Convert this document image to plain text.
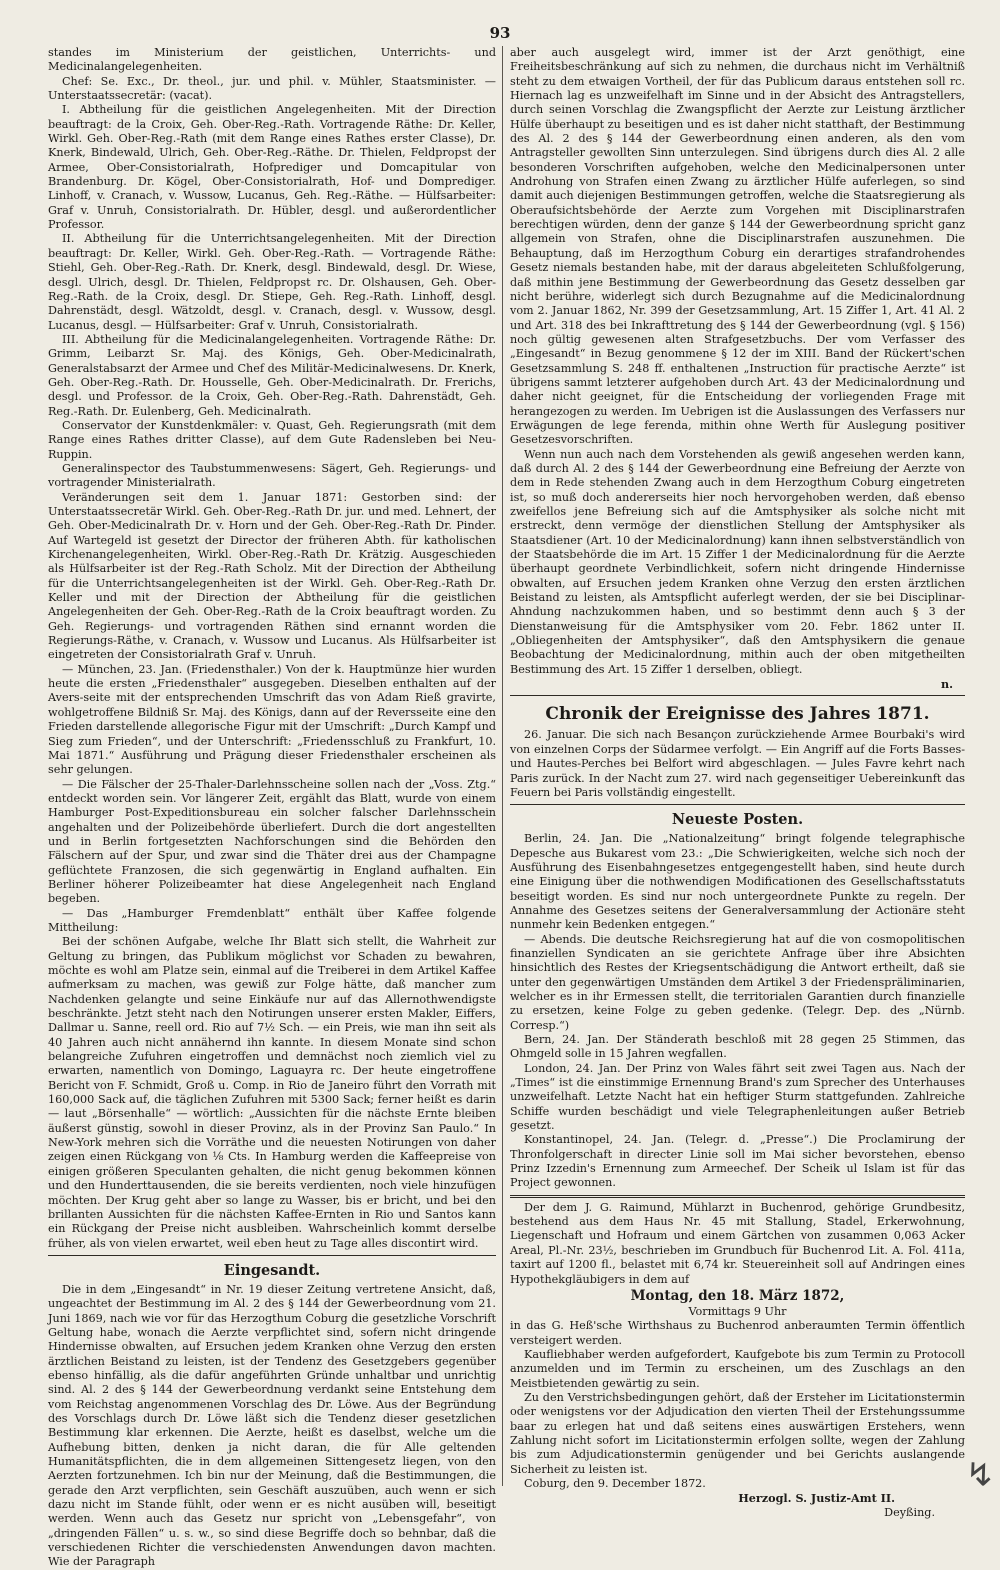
93

standes im Ministerium der geistlichen, Unterrichts- und Medicinalangelegenheiten.

Chef: Se. Exc., Dr. theol., jur. und phil. v. Mühler, Staatsminister. — Unterstaatssecretär: (vacat).

I. Abtheilung für die geistlichen Angelegenheiten. Mit der Direction beauftragt: de la Croix, Geh. Ober-Reg.-Rath. Vortragende Räthe: Dr. Keller, Wirkl. Geh. Ober-Reg.-Rath (mit dem Range eines Rathes erster Classe), Dr. Knerk, Bindewald, Ulrich, Geh. Ober-Reg.-Räthe. Dr. Thielen, Feldpropst der Armee, Ober-Consistorialrath, Hofprediger und Domcapitular von Brandenburg. Dr. Kögel, Ober-Consistorialrath, Hof- und Domprediger. Linhoff, v. Cranach, v. Wussow, Lucanus, Geh. Reg.-Räthe. — Hülfsarbeiter: Graf v. Unruh, Consistorialrath. Dr. Hübler, desgl. und außerordentlicher Professor.

II. Abtheilung für die Unterrichtsangelegenheiten. Mit der Direction beauftragt: Dr. Keller, Wirkl. Geh. Ober-Reg.-Rath. — Vortragende Räthe: Stiehl, Geh. Ober-Reg.-Rath. Dr. Knerk, desgl. Bindewald, desgl. Dr. Wiese, desgl. Ulrich, desgl. Dr. Thielen, Feldpropst rc. Dr. Olshausen, Geh. Ober-Reg.-Rath. de la Croix, desgl. Dr. Stiepe, Geh. Reg.-Rath. Linhoff, desgl. Dahrenstädt, desgl. Wätzoldt, desgl. v. Cranach, desgl. v. Wussow, desgl. Lucanus, desgl. — Hülfsarbeiter: Graf v. Unruh, Consistorialrath.

III. Abtheilung für die Medicinalangelegenheiten. Vortragende Räthe: Dr. Grimm, Leibarzt Sr. Maj. des Königs, Geh. Ober-Medicinalrath, Generalstabsarzt der Armee und Chef des Militär-Medicinalwesens. Dr. Knerk, Geh. Ober-Reg.-Rath. Dr. Housselle, Geh. Ober-Medicinalrath. Dr. Frerichs, desgl. und Professor. de la Croix, Geh. Ober-Reg.-Rath. Dahrenstädt, Geh. Reg.-Rath. Dr. Eulenberg, Geh. Medicinalrath.

Conservator der Kunstdenkmäler: v. Quast, Geh. Regierungsrath (mit dem Range eines Rathes dritter Classe), auf dem Gute Radensleben bei Neu-Ruppin.

Generalinspector des Taubstummenwesens: Sägert, Geh. Regierungs- und vortragender Ministerialrath.

Veränderungen seit dem 1. Januar 1871: Gestorben sind: der Unterstaatssecretär Wirkl. Geh. Ober-Reg.-Rath Dr. jur. und med. Lehnert, der Geh. Ober-Medicinalrath Dr. v. Horn und der Geh. Ober-Reg.-Rath Dr. Pinder. Auf Wartegeld ist gesetzt der Director der früheren Abth. für katholischen Kirchenangelegenheiten, Wirkl. Ober-Reg.-Rath Dr. Krätzig. Ausgeschieden als Hülfsarbeiter ist der Reg.-Rath Scholz. Mit der Direction der Abtheilung für die Unterrichtsangelegenheiten ist der Wirkl. Geh. Ober-Reg.-Rath Dr. Keller und mit der Direction der Abtheilung für die geistlichen Angelegenheiten der Geh. Ober-Reg.-Rath de la Croix beauftragt worden. Zu Geh. Regierungs- und vortragenden Räthen sind ernannt worden die Regierungs-Räthe, v. Cranach, v. Wussow und Lucanus. Als Hülfsarbeiter ist eingetreten der Consistorialrath Graf v. Unruh.

— München, 23. Jan. (Friedensthaler.) Von der k. Hauptmünze hier wurden heute die ersten „Friedensthaler“ ausgegeben. Dieselben enthalten auf der Avers-seite mit der entsprechenden Umschrift das von Adam Rieß gravirte, wohlgetroffene Bildniß Sr. Maj. des Königs, dann auf der Reversseite eine den Frieden darstellende allegorische Figur mit der Umschrift: „Durch Kampf und Sieg zum Frieden“, und der Unterschrift: „Friedensschluß zu Frankfurt, 10. Mai 1871.“ Ausführung und Prägung dieser Friedensthaler erscheinen als sehr gelungen.

— Die Fälscher der 25-Thaler-Darlehnsscheine sollen nach der „Voss. Ztg.“ entdeckt worden sein. Vor längerer Zeit, ergählt das Blatt, wurde von einem Hamburger Post-Expeditionsbureau ein solcher falscher Darlehnsschein angehalten und der Polizeibehörde überliefert. Durch die dort angestellten und in Berlin fortgesetzten Nachforschungen sind die Behörden den Fälschern auf der Spur, und zwar sind die Thäter drei aus der Champagne geflüchtete Franzosen, die sich gegenwärtig in England aufhalten. Ein Berliner höherer Polizeibeamter hat diese Angelegenheit nach England begeben.

— Das „Hamburger Fremdenblatt“ enthält über Kaffee folgende Mittheilung:

Bei der schönen Aufgabe, welche Ihr Blatt sich stellt, die Wahrheit zur Geltung zu bringen, das Publikum möglichst vor Schaden zu bewahren, möchte es wohl am Platze sein, einmal auf die Treiberei in dem Artikel Kaffee aufmerksam zu machen, was gewiß zur Folge hätte, daß mancher zum Nachdenken gelangte und seine Einkäufe nur auf das Allernothwendigste beschränkte. Jetzt steht nach den Notirungen unserer ersten Makler, Eiffers, Dallmar u. Sanne, reell ord. Rio auf 7½ Sch. — ein Preis, wie man ihn seit als 40 Jahren auch nicht annähernd ihn kannte. In diesem Monate sind schon belangreiche Zufuhren eingetroffen und demnächst noch ziemlich viel zu erwarten, namentlich von Domingo, Laguayra rc. Der heute eingetroffene Bericht von F. Schmidt, Groß u. Comp. in Rio de Janeiro führt den Vorrath mit 160,000 Sack auf, die täglichen Zufuhren mit 5300 Sack; ferner heißt es darin — laut „Börsenhalle“ — wörtlich: „Aussichten für die nächste Ernte bleiben äußerst günstig, sowohl in dieser Provinz, als in der Provinz San Paulo.“ In New-York mehren sich die Vorräthe und die neuesten Notirungen von daher zeigen einen Rückgang von ⅛ Cts. In Hamburg werden die Kaffeepreise von einigen größeren Speculanten gehalten, die nicht genug bekommen können und den Hunderttausenden, die sie bereits verdienten, noch viele hinzufügen möchten. Der Krug geht aber so lange zu Wasser, bis er bricht, und bei den brillanten Aussichten für die nächsten Kaffee-Ernten in Rio und Santos kann ein Rückgang der Preise nicht ausbleiben. Wahrscheinlich kommt derselbe früher, als von vielen erwartet, weil eben heut zu Tage alles discontirt wird.

Eingesandt.

Die in dem „Eingesandt“ in Nr. 19 dieser Zeitung vertretene Ansicht, daß, ungeachtet der Bestimmung im Al. 2 des § 144 der Gewerbeordnung vom 21. Juni 1869, nach wie vor für das Herzogthum Coburg die gesetzliche Vorschrift Geltung habe, wonach die Aerzte verpflichtet sind, sofern nicht dringende Hindernisse obwalten, auf Ersuchen jedem Kranken ohne Verzug den ersten ärztlichen Beistand zu leisten, ist der Tendenz des Gesetzgebers gegenüber ebenso hinfällig, als die dafür angeführten Gründe unhaltbar und unrichtig sind. Al. 2 des § 144 der Gewerbeordnung verdankt seine Entstehung dem vom Reichstag angenommenen Vorschlag des Dr. Löwe. Aus der Begründung des Vorschlags durch Dr. Löwe läßt sich die Tendenz dieser gesetzlichen Bestimmung klar erkennen. Die Aerzte, heißt es daselbst, welche um die Aufhebung bitten, denken ja nicht daran, die für Alle geltenden Humanitätspflichten, die in dem allgemeinen Sittengesetz liegen, von den Aerzten fortzunehmen. Ich bin nur der Meinung, daß die Bestimmungen, die gerade den Arzt verpflichten, sein Geschäft auszuüben, auch wenn er sich dazu nicht im Stande fühlt, oder wenn er es nicht ausüben will, beseitigt werden. Wenn auch das Gesetz nur spricht von „Lebensgefahr“, von „dringenden Fällen“ u. s. w., so sind diese Begriffe doch so behnbar, daß die verschiedenen Richter die verschiedensten Anwendungen davon machten. Wie der Paragraph

aber auch ausgelegt wird, immer ist der Arzt genöthigt, eine Freiheitsbeschränkung auf sich zu nehmen, die durchaus nicht im Verhältniß steht zu dem etwaigen Vortheil, der für das Publicum daraus entstehen soll rc. Hiernach lag es unzweifelhaft im Sinne und in der Absicht des Antragstellers, durch seinen Vorschlag die Zwangspflicht der Aerzte zur Leistung ärztlicher Hülfe überhaupt zu beseitigen und es ist daher nicht statthaft, der Bestimmung des Al. 2 des § 144 der Gewerbeordnung einen anderen, als den vom Antragsteller gewollten Sinn unterzulegen. Sind übrigens durch dies Al. 2 alle besonderen Vorschriften aufgehoben, welche den Medicinalpersonen unter Androhung von Strafen einen Zwang zu ärztlicher Hülfe auferlegen, so sind damit auch diejenigen Bestimmungen getroffen, welche die Staatsregierung als Oberaufsichtsbehörde der Aerzte zum Vorgehen mit Disciplinarstrafen berechtigen würden, denn der ganze § 144 der Gewerbeordnung spricht ganz allgemein von Strafen, ohne die Disciplinarstrafen auszunehmen. Die Behauptung, daß im Herzogthum Coburg ein derartiges strafandrohendes Gesetz niemals bestanden habe, mit der daraus abgeleiteten Schlußfolgerung, daß mithin jene Bestimmung der Gewerbeordnung das Gesetz desselben gar nicht berühre, widerlegt sich durch Bezugnahme auf die Medicinalordnung vom 2. Januar 1862, Nr. 399 der Gesetzsammlung, Art. 15 Ziffer 1, Art. 41 Al. 2 und Art. 318 des bei Inkrafttretung des § 144 der Gewerbeordnung (vgl. § 156) noch gültig gewesenen alten Strafgesetzbuchs. Der vom Verfasser des „Eingesandt“ in Bezug genommene § 12 der im XIII. Band der Rückert'schen Gesetzsammlung S. 248 ff. enthaltenen „Instruction für practische Aerzte“ ist übrigens sammt letzterer aufgehoben durch Art. 43 der Medicinalordnung und daher nicht geeignet, für die Entscheidung der vorliegenden Frage mit herangezogen zu werden. Im Uebrigen ist die Auslassungen des Verfassers nur Erwägungen de lege ferenda, mithin ohne Werth für Auslegung positiver Gesetzesvorschriften.

Wenn nun auch nach dem Vorstehenden als gewiß angesehen werden kann, daß durch Al. 2 des § 144 der Gewerbeordnung eine Befreiung der Aerzte von dem in Rede stehenden Zwang auch in dem Herzogthum Coburg eingetreten ist, so muß doch andererseits hier noch hervorgehoben werden, daß ebenso zweifellos jene Befreiung sich auf die Amtsphysiker als solche nicht mit erstreckt, denn vermöge der dienstlichen Stellung der Amtsphysiker als Staatsdiener (Art. 10 der Medicinalordnung) kann ihnen selbstverständlich von der Staatsbehörde die im Art. 15 Ziffer 1 der Medicinalordnung für die Aerzte überhaupt geordnete Verbindlichkeit, sofern nicht dringende Hindernisse obwalten, auf Ersuchen jedem Kranken ohne Verzug den ersten ärztlichen Beistand zu leisten, als Amtspflicht auferlegt werden, der sie bei Disciplinar-Ahndung nachzukommen haben, und so bestimmt denn auch § 3 der Dienstanweisung für die Amtsphysiker vom 20. Febr. 1862 unter II. „Obliegenheiten der Amtsphysiker“, daß den Amtsphysikern die genaue Beobachtung der Medicinalordnung, mithin auch der oben mitgetheilten Bestimmung des Art. 15 Ziffer 1 derselben, obliegt.

n.

Chronik der Ereignisse des Jahres 1871.

26. Januar. Die sich nach Besançon zurückziehende Armee Bourbaki's wird von einzelnen Corps der Südarmee verfolgt. — Ein Angriff auf die Forts Basses- und Hautes-Perches bei Belfort wird abgeschlagen. — Jules Favre kehrt nach Paris zurück. In der Nacht zum 27. wird nach gegenseitiger Uebereinkunft das Feuern bei Paris vollständig eingestellt.

Neueste Posten.

Berlin, 24. Jan. Die „Nationalzeitung“ bringt folgende telegraphische Depesche aus Bukarest vom 23.: „Die Schwierigkeiten, welche sich noch der Ausführung des Eisenbahngesetzes entgegengestellt haben, sind heute durch eine Einigung über die nothwendigen Modificationen des Gesellschaftsstatuts beseitigt worden. Es sind nur noch untergeordnete Punkte zu regeln. Der Annahme des Gesetzes seitens der Generalversammlung der Actionäre steht nunmehr kein Bedenken entgegen.“

— Abends. Die deutsche Reichsregierung hat auf die von cosmopolitischen finanziellen Syndicaten an sie gerichtete Anfrage über ihre Absichten hinsichtlich des Restes der Kriegsentschädigung die Antwort ertheilt, daß sie unter den gegenwärtigen Umständen dem Artikel 3 der Friedenspräliminarien, welcher es in ihr Ermessen stellt, die territorialen Garantien durch finanzielle zu ersetzen, keine Folge zu geben gedenke. (Telegr. Dep. des „Nürnb. Corresp.“)

Bern, 24. Jan. Der Ständerath beschloß mit 28 gegen 25 Stimmen, das Ohmgeld solle in 15 Jahren wegfallen.

London, 24. Jan. Der Prinz von Wales fährt seit zwei Tagen aus. Nach der „Times“ ist die einstimmige Ernennung Brand's zum Sprecher des Unterhauses unzweifelhaft. Letzte Nacht hat ein heftiger Sturm stattgefunden. Zahlreiche Schiffe wurden beschädigt und viele Telegraphenleitungen außer Betrieb gesetzt.

Konstantinopel, 24. Jan. (Telegr. d. „Presse“.) Die Proclamirung der Thronfolgerschaft in directer Linie soll im Mai sicher bevorstehen, ebenso Prinz Izzedin's Ernennung zum Armeechef. Der Scheik ul Islam ist für das Project gewonnen.

Der dem J. G. Raimund, Mühlarzt in Buchenrod, gehörige Grundbesitz, bestehend aus dem Haus Nr. 45 mit Stallung, Stadel, Erkerwohnung, Liegenschaft und Hofraum und einem Gärtchen von zusammen 0,063 Acker Areal, Pl.-Nr. 23½, beschrieben im Grundbuch für Buchenrod Lit. A. Fol. 411a, taxirt auf 1200 fl., belastet mit 6,74 kr. Steuereinheit soll auf Andringen eines Hypothekgläubigers in dem auf

Montag, den 18. März 1872,

Vormittags 9 Uhr

in das G. Heß'sche Wirthshaus zu Buchenrod anberaumten Termin öffentlich versteigert werden.

Kaufliebhaber werden aufgefordert, Kaufgebote bis zum Termin zu Protocoll anzumelden und im Termin zu erscheinen, um des Zuschlags an den Meistbietenden gewärtig zu sein.

Zu den Verstrichsbedingungen gehört, daß der Ersteher im Licitationstermin oder wenigstens vor der Adjudication den vierten Theil der Erstehungssumme baar zu erlegen hat und daß seitens eines auswärtigen Erstehers, wenn Zahlung nicht sofort im Licitationstermin erfolgen sollte, wegen der Zahlung bis zum Adjudicationstermin genügender und bei Gerichts auslangende Sicherheit zu leisten ist.

Coburg, den 9. December 1872.

Herzogl. S. Justiz-Amt II.

Deyßing.

↯
